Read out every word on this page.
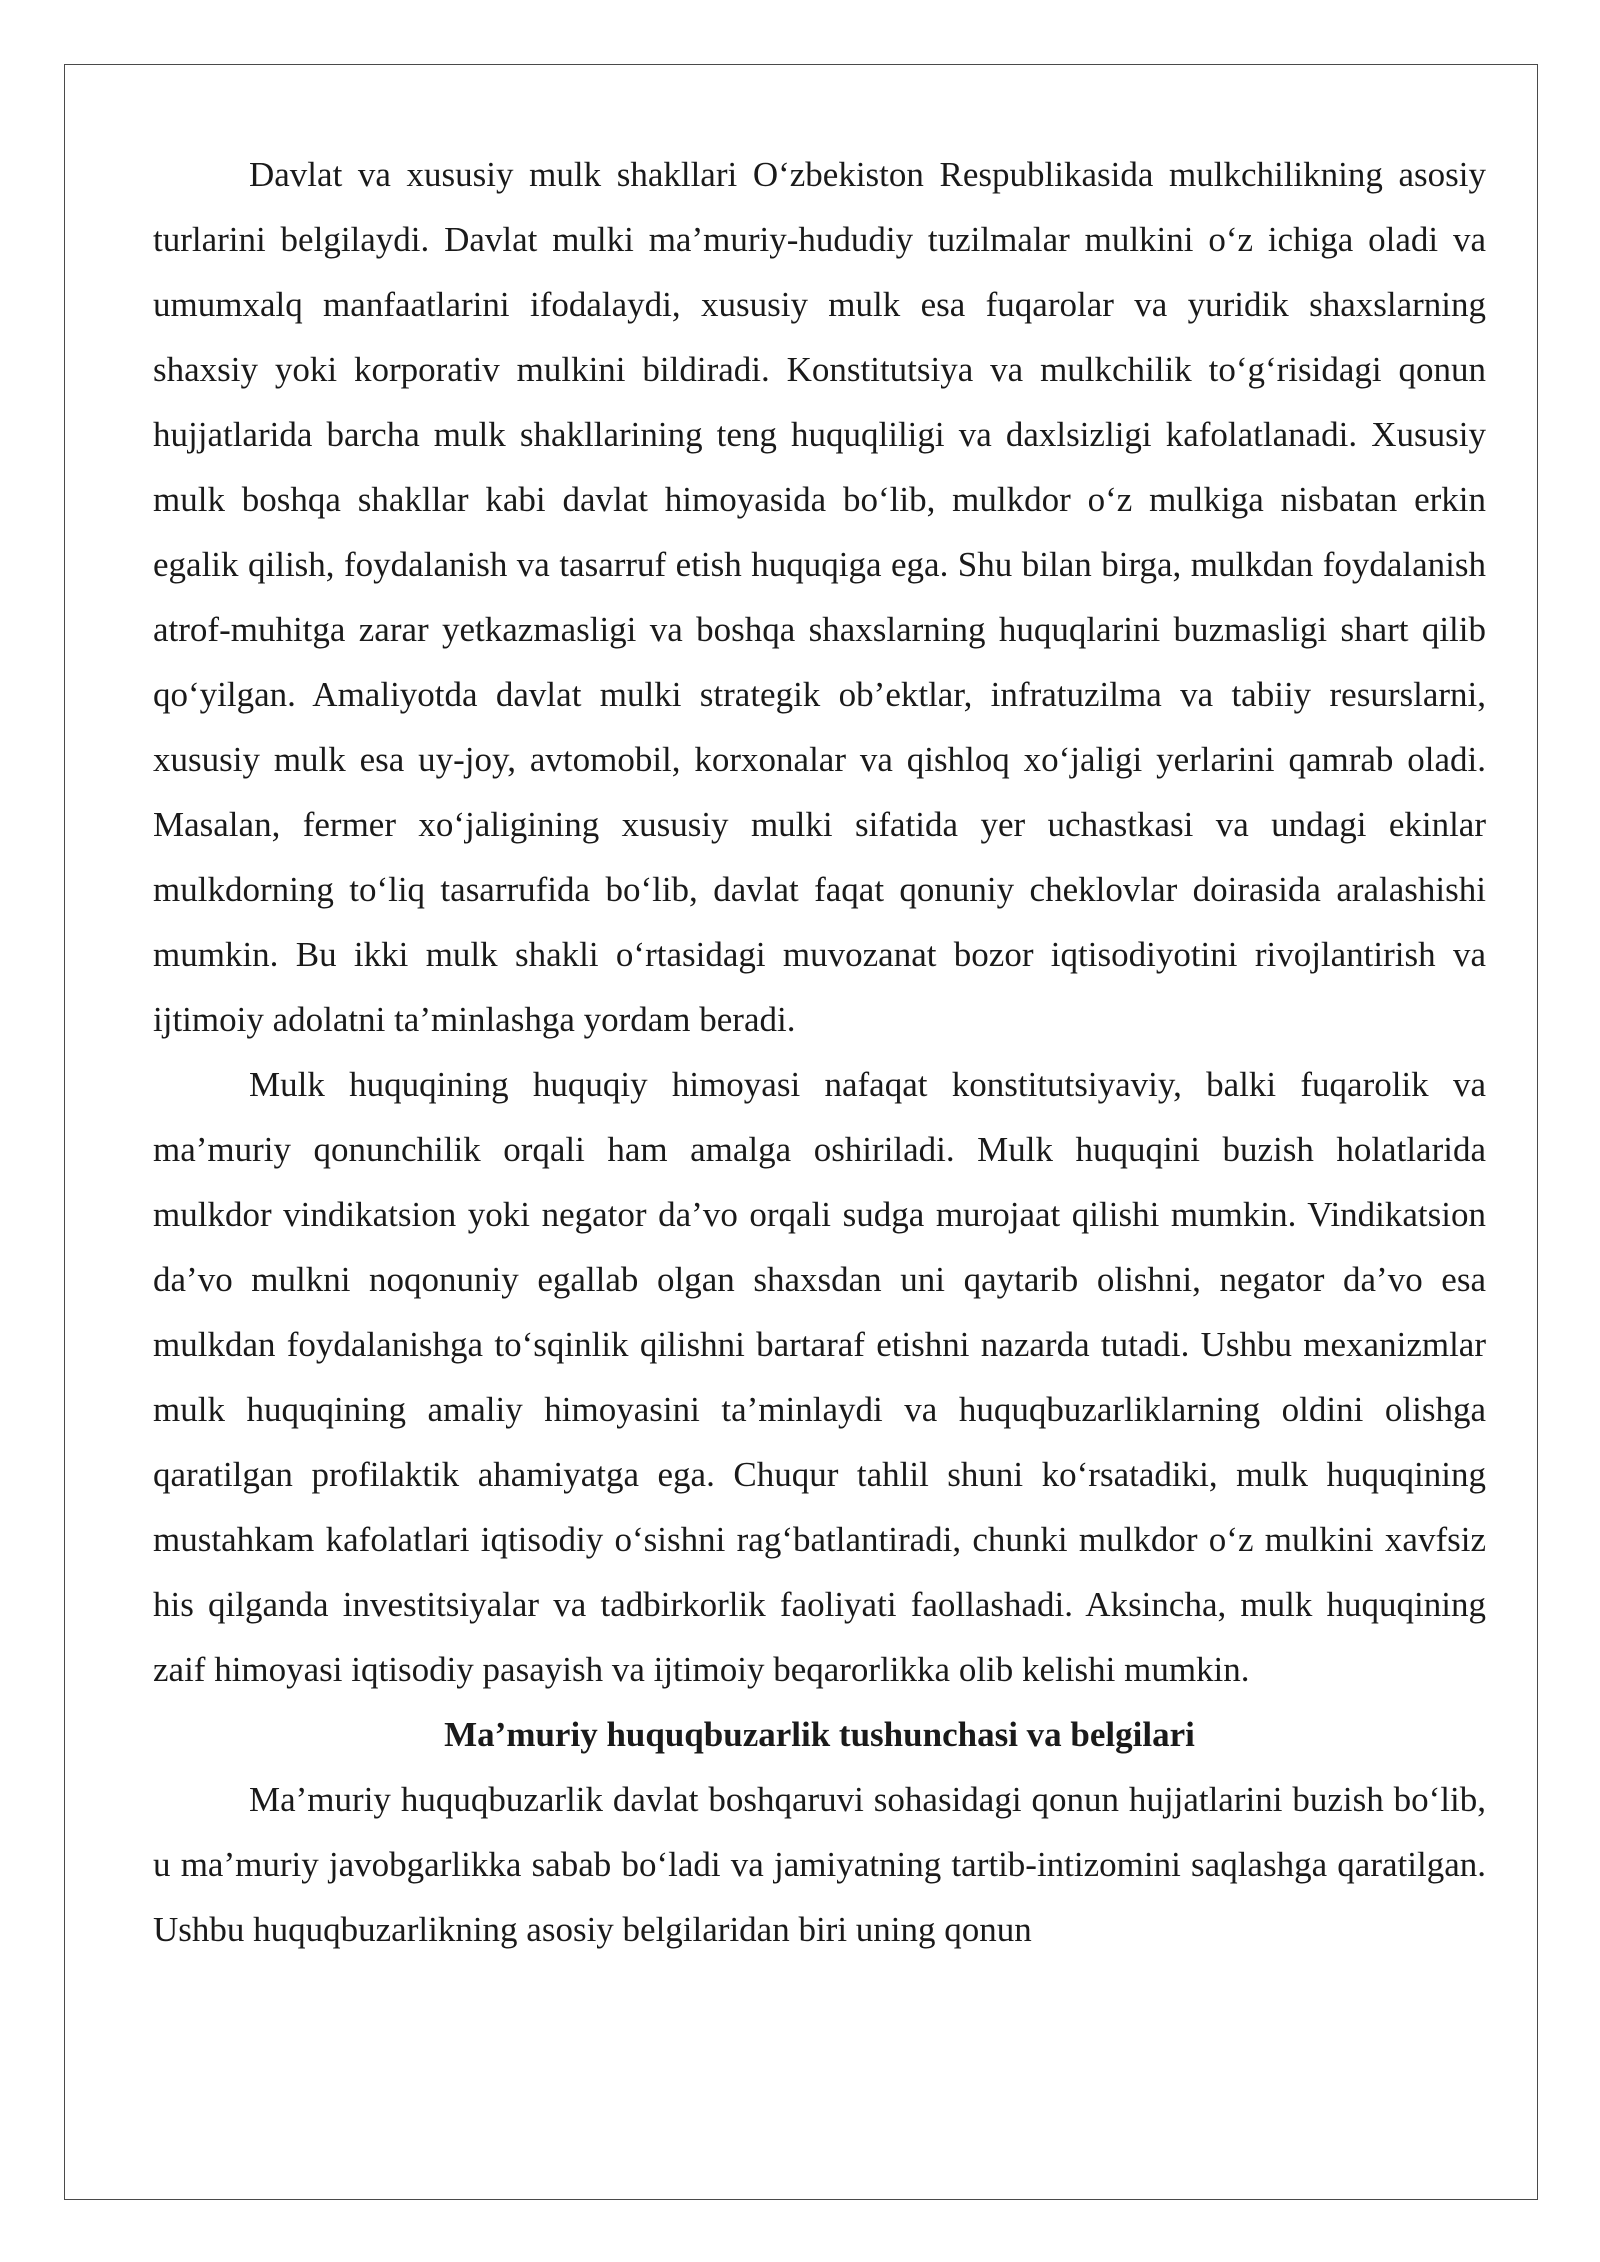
Davlat va xususiy mulk shakllari O‘zbekiston Respublikasida mulkchilikning asosiy turlarini belgilaydi. Davlat mulki ma’muriy-hududiy tuzilmalar mulkini o‘z ichiga oladi va umumxalq manfaatlarini ifodalaydi, xususiy mulk esa fuqarolar va yuridik shaxslarning shaxsiy yoki korporativ mulkini bildiradi. Konstitutsiya va mulkchilik to‘g‘risidagi qonun hujjatlarida barcha mulk shakllarining teng huquqliligi va daxlsizligi kafolatlanadi. Xususiy mulk boshqa shakllar kabi davlat himoyasida bo‘lib, mulkdor o‘z mulkiga nisbatan erkin egalik qilish, foydalanish va tasarruf etish huquqiga ega. Shu bilan birga, mulkdan foydalanish atrof-muhitga zarar yetkazmasligi va boshqa shaxslarning huquqlarini buzmasligi shart qilib qo‘yilgan. Amaliyotda davlat mulki strategik ob’ektlar, infratuzilma va tabiiy resurslarni, xususiy mulk esa uy-joy, avtomobil, korxonalar va qishloq xo‘jaligi yerlarini qamrab oladi. Masalan, fermer xo‘jaligining xususiy mulki sifatida yer uchastkasi va undagi ekinlar mulkdorning to‘liq tasarrufida bo‘lib, davlat faqat qonuniy cheklovlar doirasida aralashishi mumkin. Bu ikki mulk shakli o‘rtasidagi muvozanat bozor iqtisodiyotini rivojlantirish va ijtimoiy adolatni ta’minlashga yordam beradi.

Mulk huquqining huquqiy himoyasi nafaqat konstitutsiyaviy, balki fuqarolik va ma’muriy qonunchilik orqali ham amalga oshiriladi. Mulk huquqini buzish holatlarida mulkdor vindikatsion yoki negator da’vo orqali sudga murojaat qilishi mumkin. Vindikatsion da’vo mulkni noqonuniy egallab olgan shaxsdan uni qaytarib olishni, negator da’vo esa mulkdan foydalanishga to‘sqinlik qilishni bartaraf etishni nazarda tutadi. Ushbu mexanizmlar mulk huquqining amaliy himoyasini ta’minlaydi va huquqbuzarliklarning oldini olishga qaratilgan profilaktik ahamiyatga ega. Chuqur tahlil shuni ko‘rsatadiki, mulk huquqining mustahkam kafolatlari iqtisodiy o‘sishni rag‘batlantiradi, chunki mulkdor o‘z mulkini xavfsiz his qilganda investitsiyalar va tadbirkorlik faoliyati faollashadi. Aksincha, mulk huquqining zaif himoyasi iqtisodiy pasayish va ijtimoiy beqarorlikka olib kelishi mumkin.

Ma’muriy huquqbuzarlik tushunchasi va belgilari

Ma’muriy huquqbuzarlik davlat boshqaruvi sohasidagi qonun hujjatlarini buzish bo‘lib, u ma’muriy javobgarlikka sabab bo‘ladi va jamiyatning tartib-intizomini saqlashga qaratilgan. Ushbu huquqbuzarlikning asosiy belgilaridan biri uning qonun
